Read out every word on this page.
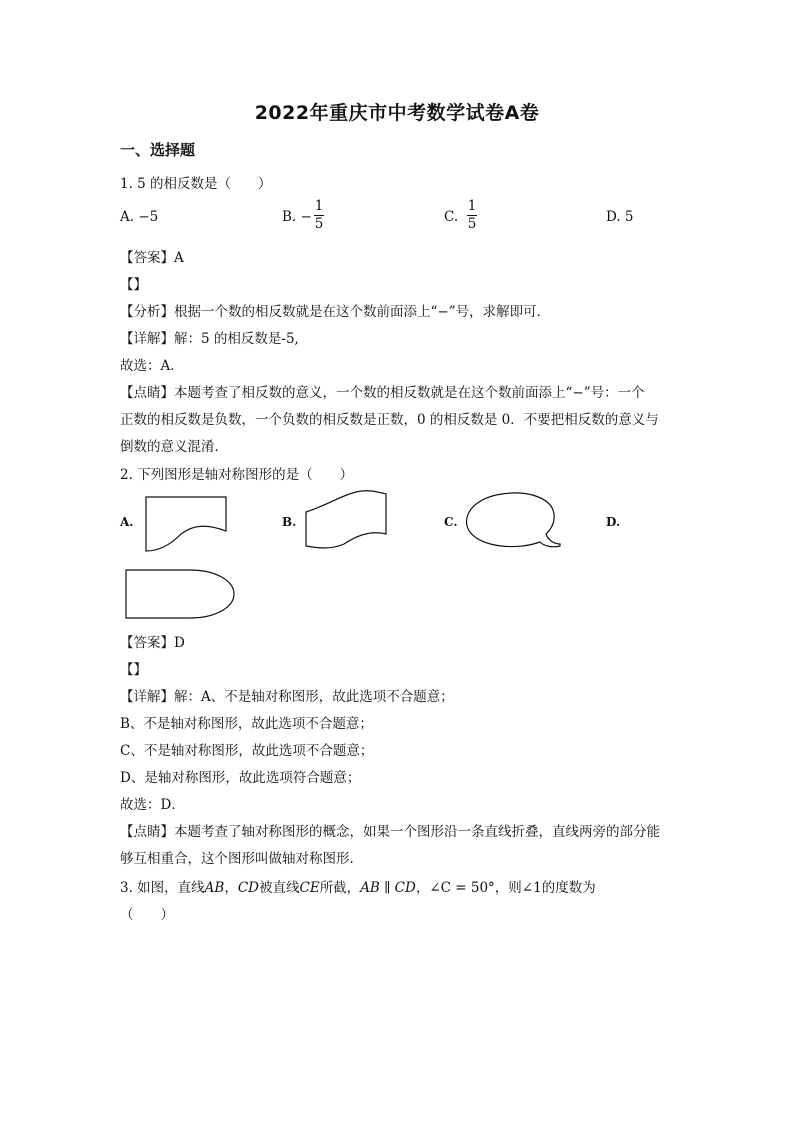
2022年重庆市中考数学试卷A卷
一、选择题
1. 5 的相反数是（　　）
A. −5	B. −
1
5	C.
1
5	D. 5
【答案】A
【】
【分析】根据一个数的相反数就是在这个数前面添上“−”号，求解即可．
【详解】解：5 的相反数是-5,
故选：A．
【点睛】本题考查了相反数的意义，一个数的相反数就是在这个数前面添上“−”号：一个
正数的相反数是负数，一个负数的相反数是正数，0 的相反数是 0．不要把相反数的意义与
倒数的意义混淆．
2. 下列图形是轴对称图形的是（　　）
A.	B.	C.	D.
【答案】D
【】
【详解】解：A、不是轴对称图形，故此选项不合题意；
B、不是轴对称图形，故此选项不合题意；
C、不是轴对称图形，故此选项不合题意；
D、是轴对称图形，故此选项符合题意；
故选：D．
【点睛】本题考查了轴对称图形的概念，如果一个图形沿一条直线折叠，直线两旁的部分能
够互相重合，这个图形叫做轴对称图形．
3. 如图，直线AB，CD被直线CE所截，AB ∥ CD，∠C = 50°，则∠1的度数为
（　　）
